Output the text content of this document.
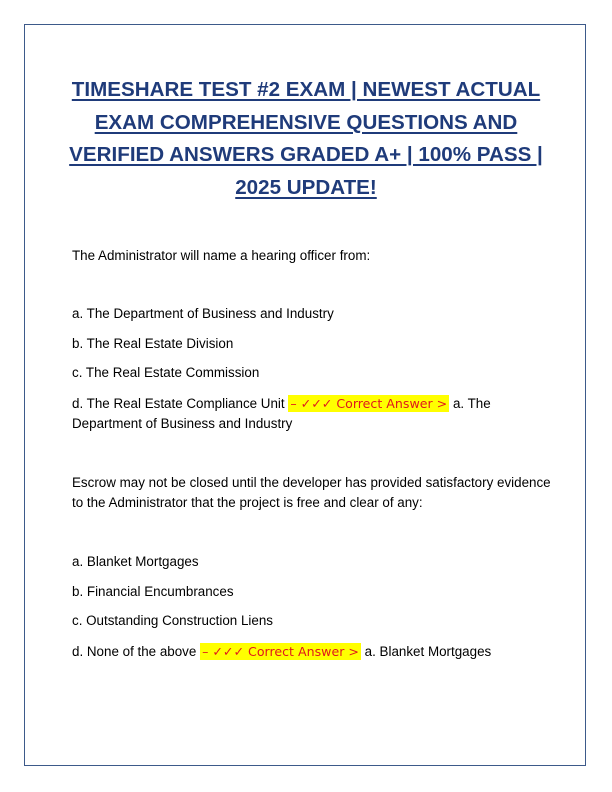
TIMESHARE TEST #2 EXAM | NEWEST ACTUAL EXAM COMPREHENSIVE QUESTIONS AND VERIFIED ANSWERS GRADED A+ | 100% PASS | 2025 UPDATE!

The Administrator will name a hearing officer from:

a. The Department of Business and Industry

b. The Real Estate Division

c. The Real Estate Commission

d. The Real Estate Compliance Unit – ✓✓✓ Correct Answer > a. The Department of Business and Industry

Escrow may not be closed until the developer has provided satisfactory evidence to the Administrator that the project is free and clear of any:

a. Blanket Mortgages

b. Financial Encumbrances

c. Outstanding Construction Liens

d. None of the above – ✓✓✓ Correct Answer > a. Blanket Mortgages
